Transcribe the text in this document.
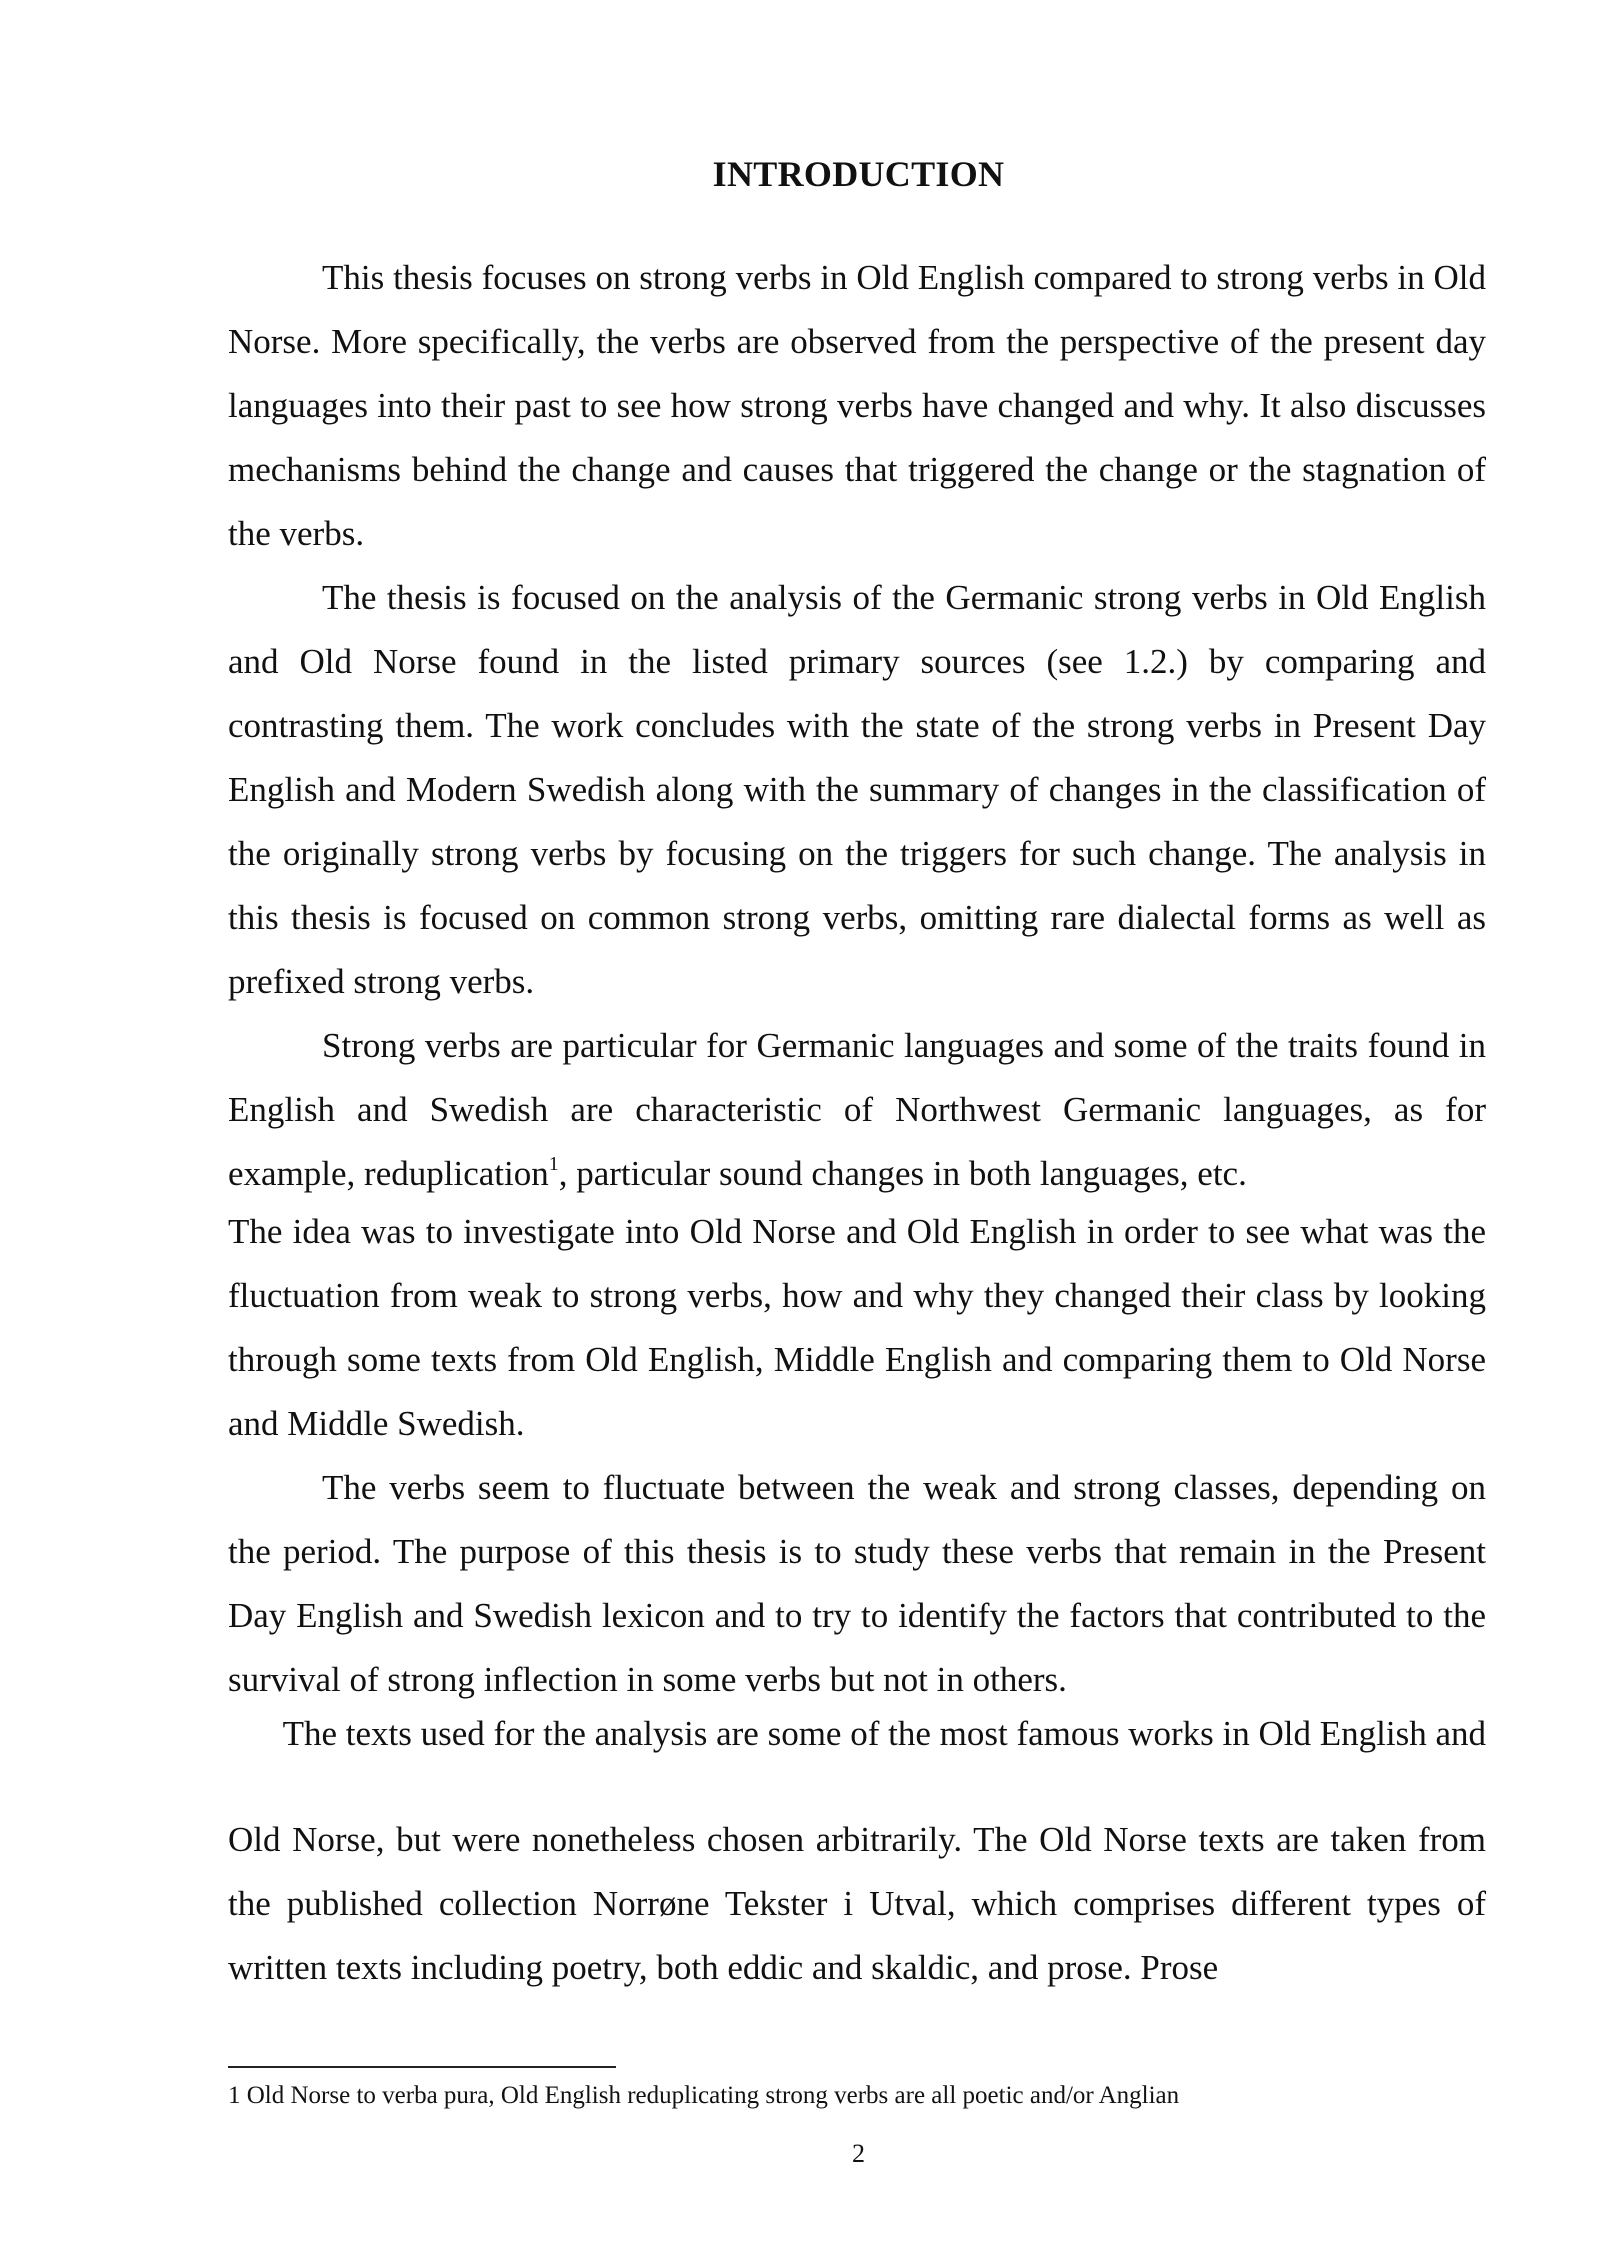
INTRODUCTION

This thesis focuses on strong verbs in Old English compared to strong verbs in Old Norse. More specifically, the verbs are observed from the perspective of the present day languages into their past to see how strong verbs have changed and why. It also discusses mechanisms behind the change and causes that triggered the change or the stagnation of the verbs.

The thesis is focused on the analysis of the Germanic strong verbs in Old English and Old Norse found in the listed primary sources (see 1.2.) by comparing and contrasting them. The work concludes with the state of the strong verbs in Present Day English and Modern Swedish along with the summary of changes in the classification of the originally strong verbs by focusing on the triggers for such change. The analysis in this thesis is focused on common strong verbs, omitting rare dialectal forms as well as prefixed strong verbs.

Strong verbs are particular for Germanic languages and some of the traits found in English and Swedish are characteristic of Northwest Germanic languages, as for example, reduplication$^1$, particular sound changes in both languages, etc.

The idea was to investigate into Old Norse and Old English in order to see what was the fluctuation from weak to strong verbs, how and why they changed their class by looking through some texts from Old English, Middle English and comparing them to Old Norse and Middle Swedish.

The verbs seem to fluctuate between the weak and strong classes, depending on the period. The purpose of this thesis is to study these verbs that remain in the Present Day English and Swedish lexicon and to try to identify the factors that contributed to the survival of strong inflection in some verbs but not in others.

The texts used for the analysis are some of the most famous works in Old English and

Old Norse, but were nonetheless chosen arbitrarily. The Old Norse texts are taken from the published collection Norrøne Tekster i Utval, which comprises different types of written texts including poetry, both eddic and skaldic, and prose. Prose

1 Old Norse to verba pura, Old English reduplicating strong verbs are all poetic and/or Anglian
2
